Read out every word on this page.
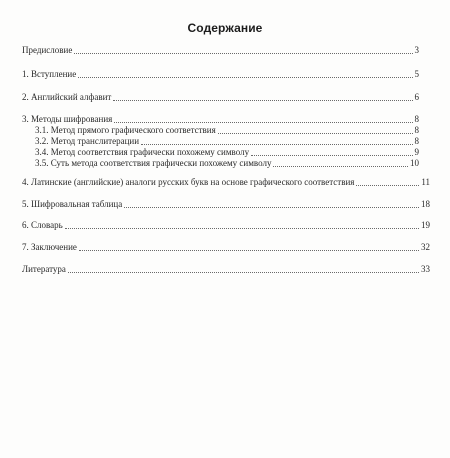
Содержание
Предисловие	3
1. Вступление	5
2. Английский алфавит	6
3. Методы шифрования	8
3.1. Метод прямого графического соответствия	8
3.2. Метод транслитерации	8
3.4. Метод соответствия графически похожему символу	9
3.5. Суть метода соответствия графически похожему символу	10
4. Латинские (английские) аналоги русских букв на основе графического соответствия	11
5. Шифровальная таблица	18
6. Словарь	19
7. Заключение	32
Литература	33
